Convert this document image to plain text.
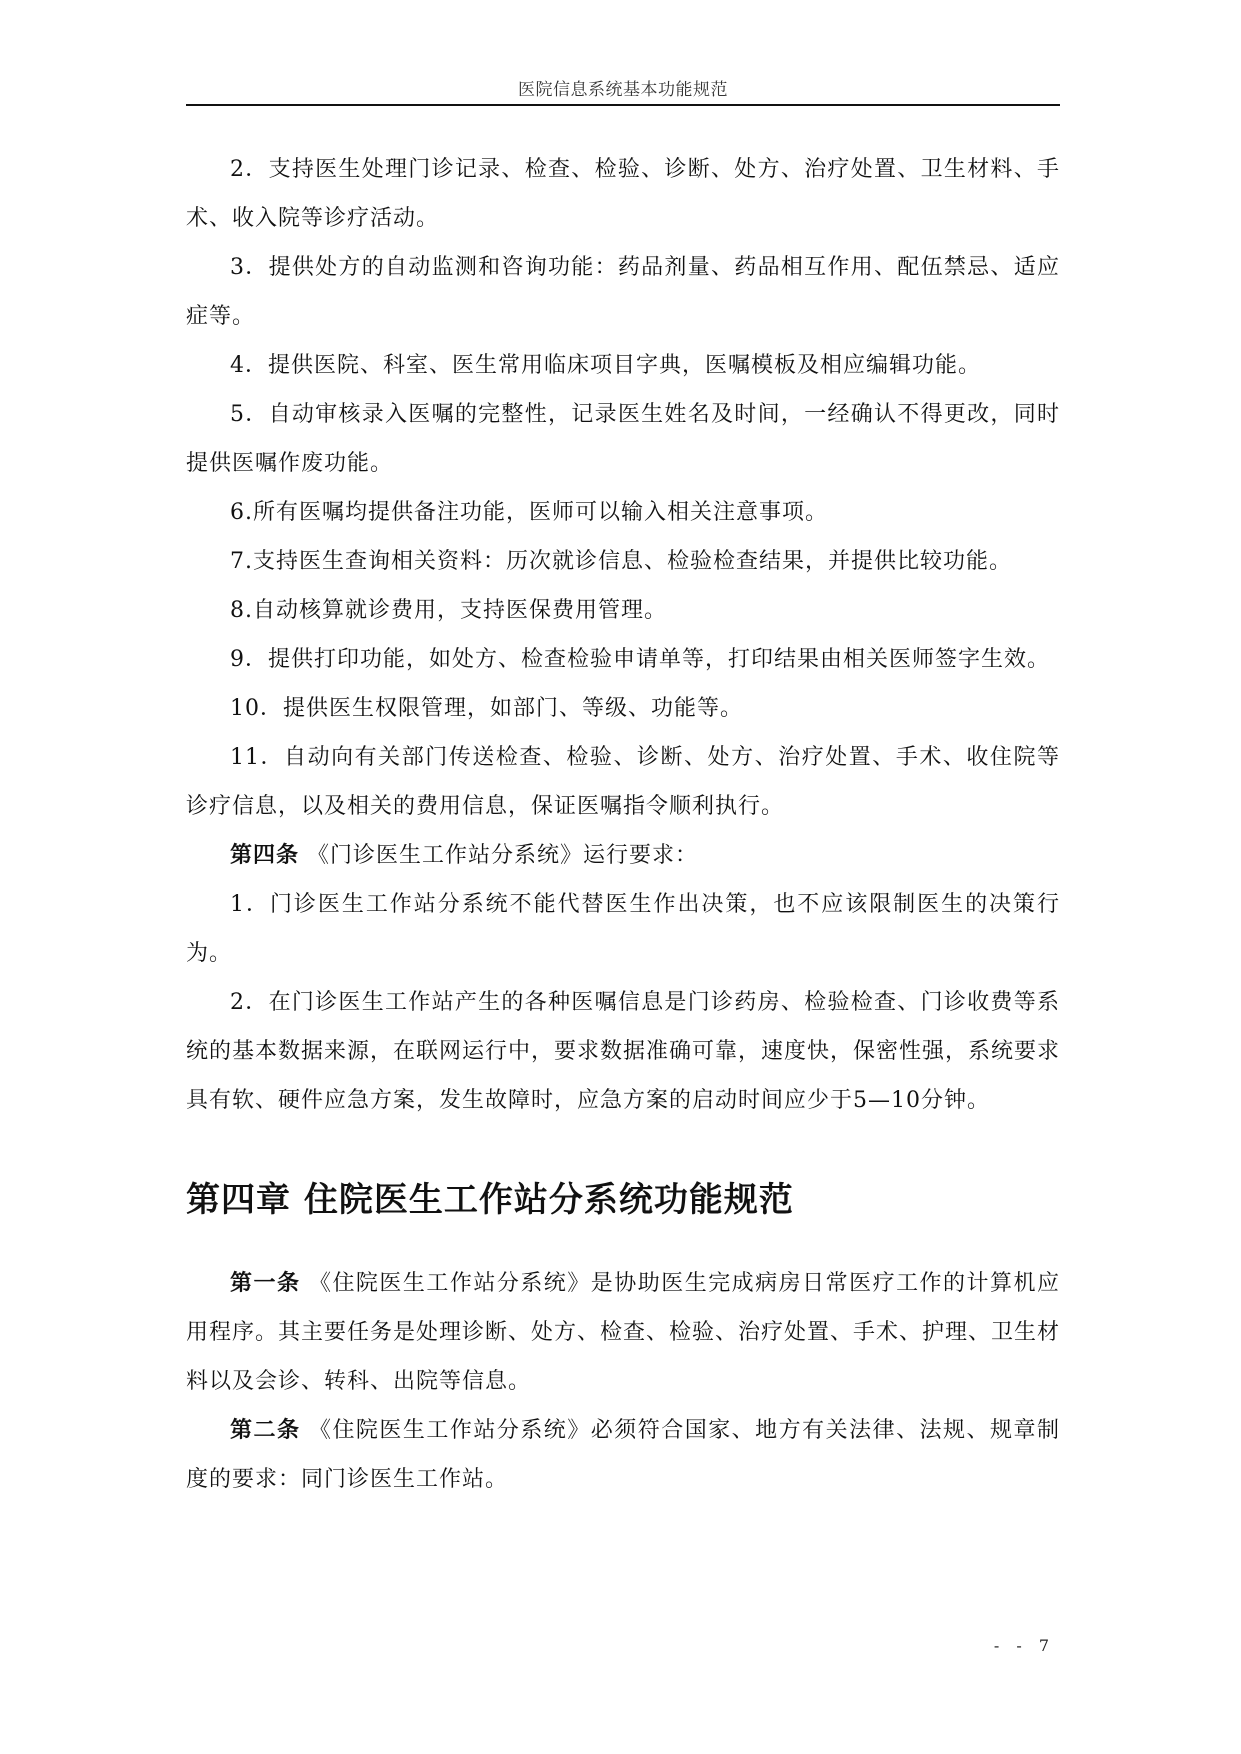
医院信息系统基本功能规范

2．支持医生处理门诊记录、检查、检验、诊断、处方、治疗处置、卫生材料、手术、收入院等诊疗活动。

3．提供处方的自动监测和咨询功能：药品剂量、药品相互作用、配伍禁忌、适应症等。

4．提供医院、科室、医生常用临床项目字典，医嘱模板及相应编辑功能。

5．自动审核录入医嘱的完整性，记录医生姓名及时间，一经确认不得更改，同时提供医嘱作废功能。

6.所有医嘱均提供备注功能，医师可以输入相关注意事项。

7.支持医生查询相关资料：历次就诊信息、检验检查结果，并提供比较功能。

8.自动核算就诊费用，支持医保费用管理。

9．提供打印功能，如处方、检查检验申请单等，打印结果由相关医师签字生效。

10．提供医生权限管理，如部门、等级、功能等。

11．自动向有关部门传送检查、检验、诊断、处方、治疗处置、手术、收住院等诊疗信息，以及相关的费用信息，保证医嘱指令顺利执行。

第四条 《门诊医生工作站分系统》运行要求：

1．门诊医生工作站分系统不能代替医生作出决策，也不应该限制医生的决策行为。

2．在门诊医生工作站产生的各种医嘱信息是门诊药房、检验检查、门诊收费等系统的基本数据来源，在联网运行中，要求数据准确可靠，速度快，保密性强，系统要求具有软、硬件应急方案，发生故障时，应急方案的启动时间应少于5—10分钟。

第四章 住院医生工作站分系统功能规范

第一条 《住院医生工作站分系统》是协助医生完成病房日常医疗工作的计算机应用程序。其主要任务是处理诊断、处方、检查、检验、治疗处置、手术、护理、卫生材料以及会诊、转科、出院等信息。

第二条 《住院医生工作站分系统》必须符合国家、地方有关法律、法规、规章制度的要求：同门诊医生工作站。

- - 7
